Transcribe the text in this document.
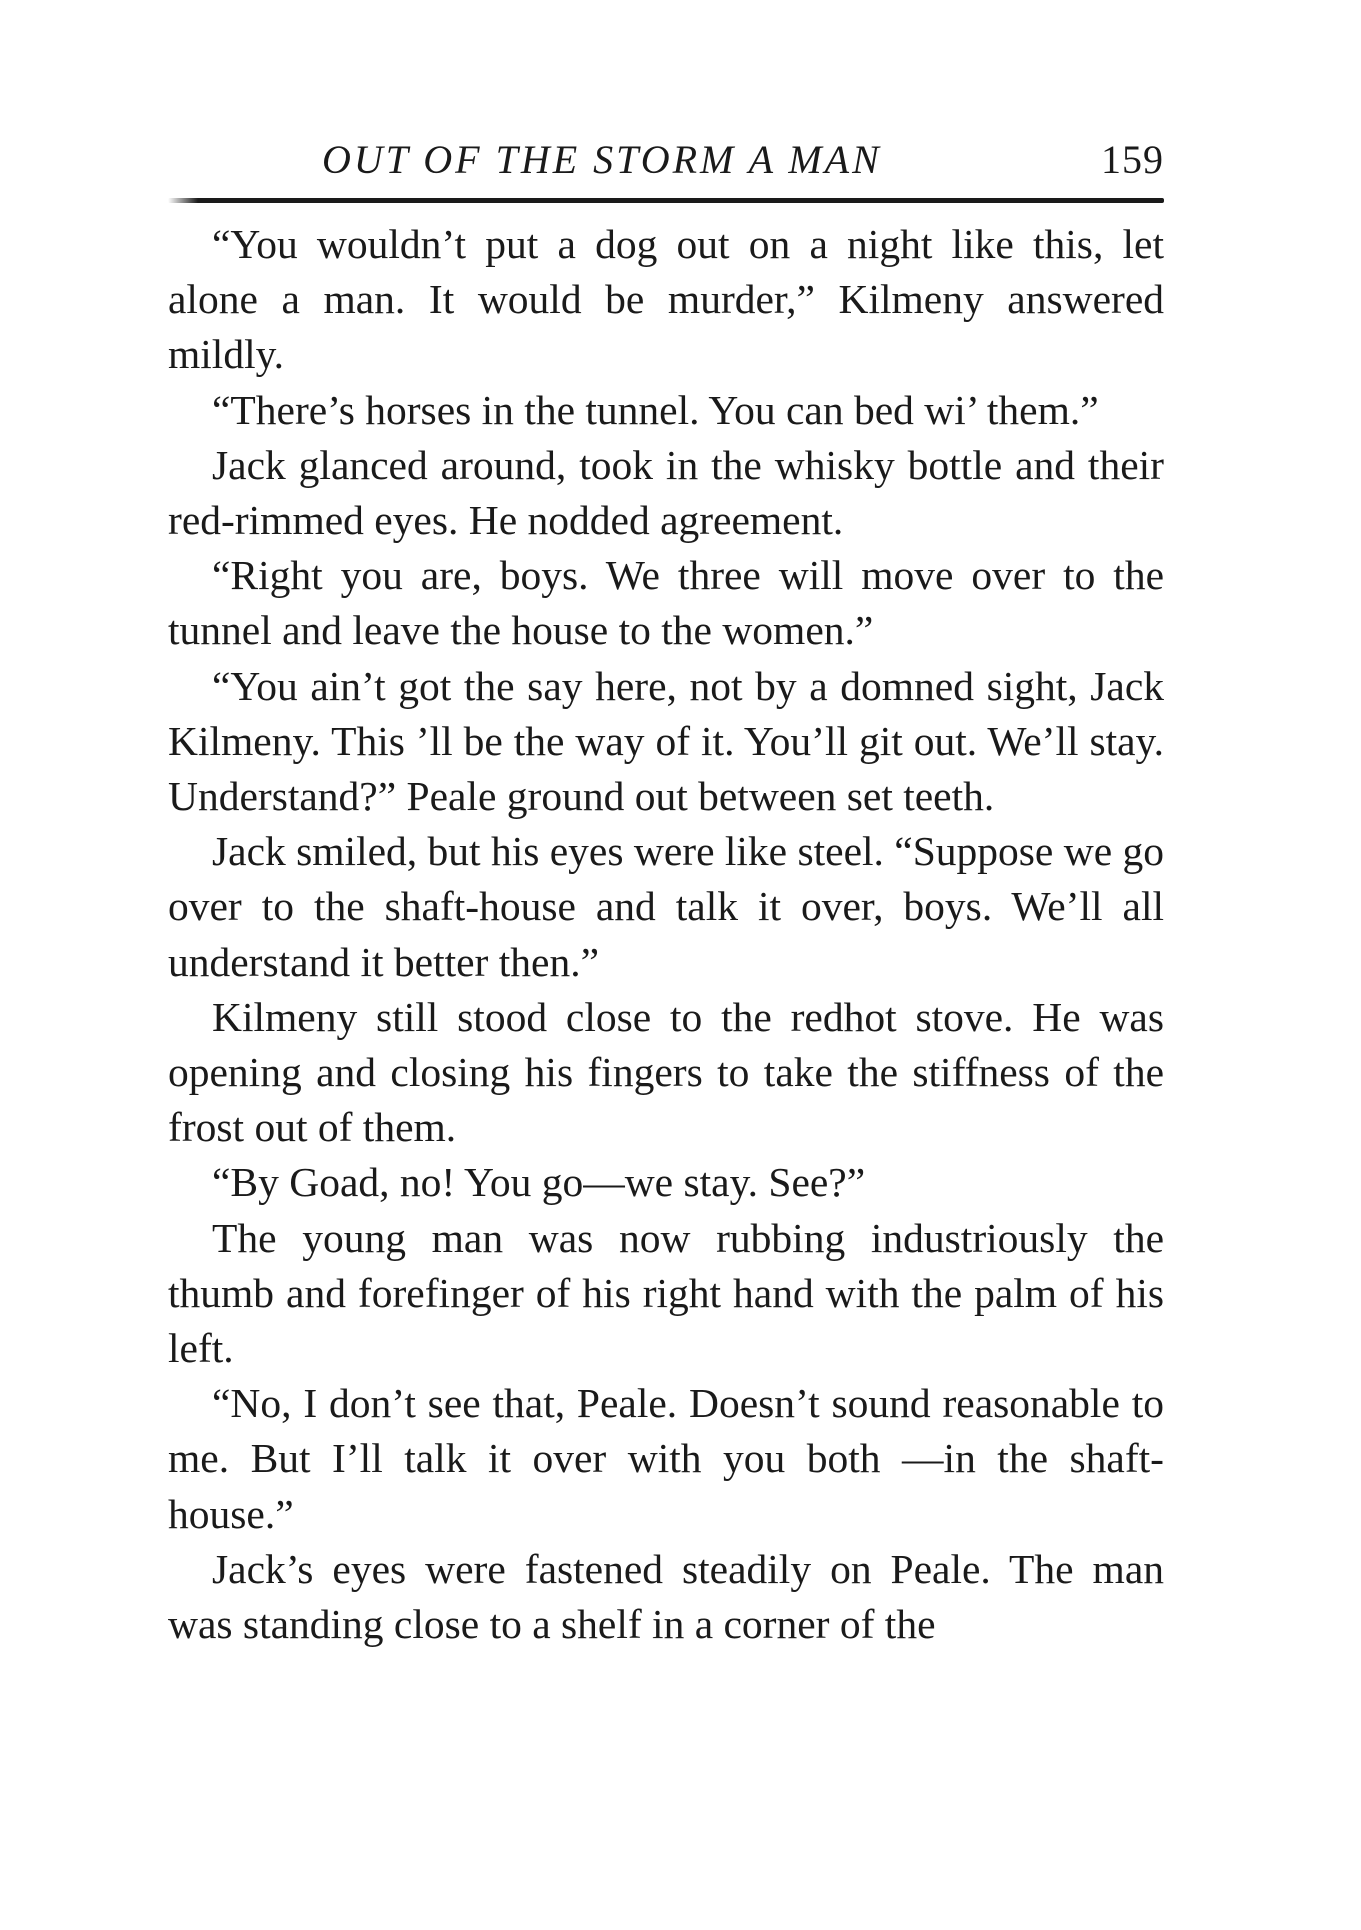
OUT OF THE STORM A MAN	159

“You wouldn’t put a dog out on a night like this, let alone a man. It would be murder,” Kilmeny answered mildly.

“There’s horses in the tunnel. You can bed wi’ them.”

Jack glanced around, took in the whisky bottle and their red-rimmed eyes. He nodded agreement.

“Right you are, boys. We three will move over to the tunnel and leave the house to the women.”

“You ain’t got the say here, not by a domned sight, Jack Kilmeny. This ’ll be the way of it. You’ll git out. We’ll stay. Understand?” Peale ground out between set teeth.

Jack smiled, but his eyes were like steel. “Suppose we go over to the shaft-house and talk it over, boys. We’ll all understand it better then.”

Kilmeny still stood close to the redhot stove. He was opening and closing his fingers to take the stiffness of the frost out of them.

“By Goad, no! You go—we stay. See?”

The young man was now rubbing industriously the thumb and forefinger of his right hand with the palm of his left.

“No, I don’t see that, Peale. Doesn’t sound reasonable to me. But I’ll talk it over with you both —in the shaft-house.”

Jack’s eyes were fastened steadily on Peale. The man was standing close to a shelf in a corner of the
